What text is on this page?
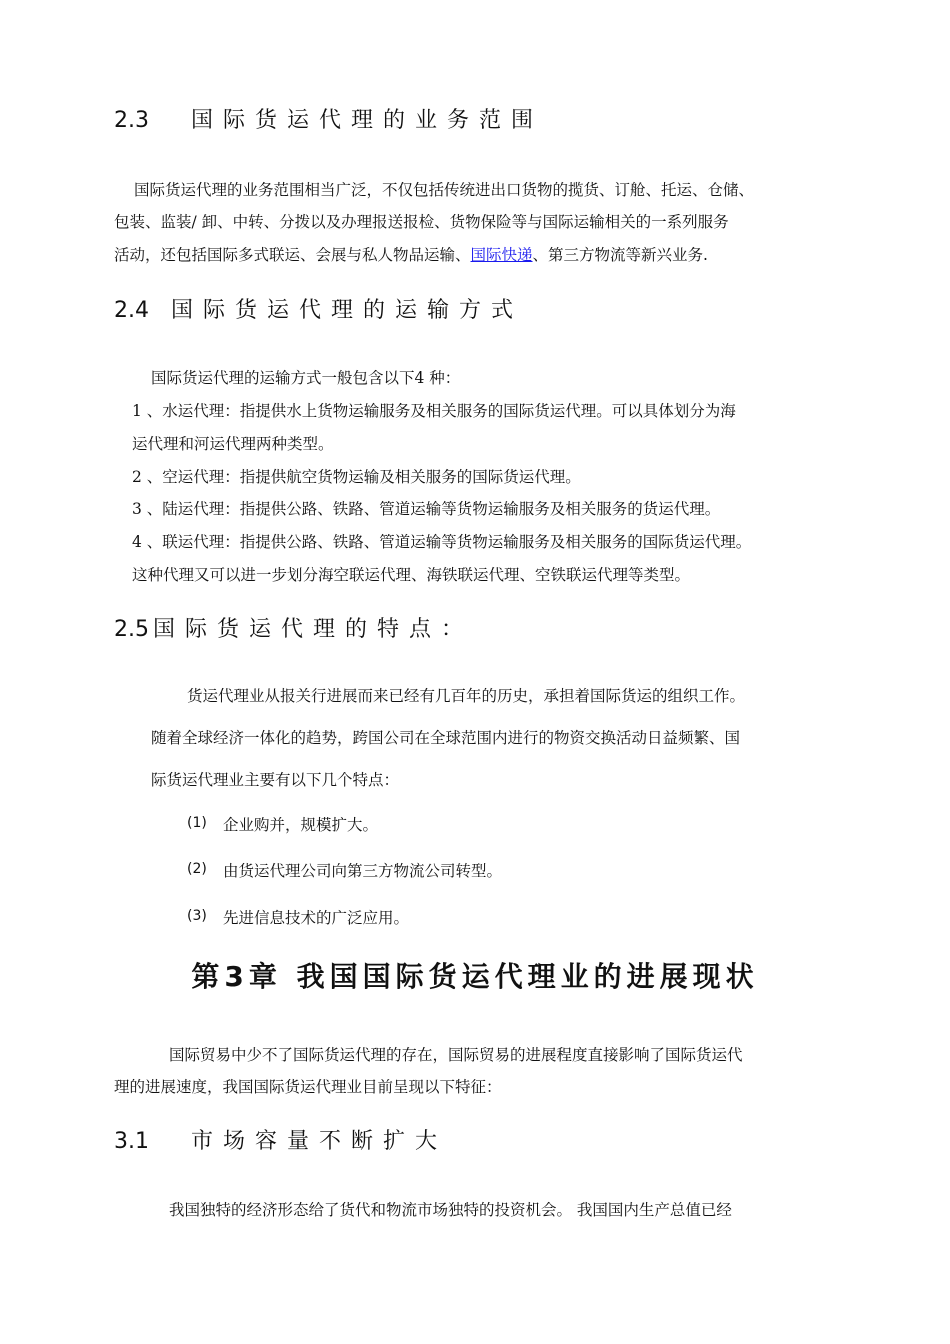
2.3 国际货运代理的业务范围
国际货运代理的业务范围相当广泛，不仅包括传统进出口货物的揽货、订舱、托运、仓储、
包装、监装/ 卸、中转、分拨以及办理报送报检、货物保险等与国际运输相关的一系列服务
活动，还包括国际多式联运、会展与私人物品运输、国际快递、第三方物流等新兴业务.
2.4 国际货运代理的运输方式
国际货运代理的运输方式一般包含以下4 种：
1 、水运代理：指提供水上货物运输服务及相关服务的国际货运代理。可以具体划分为海
运代理和河运代理两种类型。
2 、空运代理：指提供航空货物运输及相关服务的国际货运代理。
3 、陆运代理：指提供公路、铁路、管道运输等货物运输服务及相关服务的货运代理。
4 、联运代理：指提供公路、铁路、管道运输等货物运输服务及相关服务的国际货运代理。
这种代理又可以进一步划分海空联运代理、海铁联运代理、空铁联运代理等类型。
2.5 国际货运代理的特点：
货运代理业从报关行进展而来已经有几百年的历史，承担着国际货运的组织工作。
随着全球经济一体化的趋势，跨国公司在全球范围内进行的物资交换活动日益频繁、国
际货运代理业主要有以下几个特点：
(1) 企业购并，规模扩大。
(2) 由货运代理公司向第三方物流公司转型。
(3) 先进信息技术的广泛应用。
第3章 我国国际货运代理业的进展现状
国际贸易中少不了国际货运代理的存在，国际贸易的进展程度直接影响了国际货运代
理的进展速度，我国国际货运代理业目前呈现以下特征：
3.1 市场容量不断扩大
我国独特的经济形态给了货代和物流市场独特的投资机会。 我国国内生产总值已经
